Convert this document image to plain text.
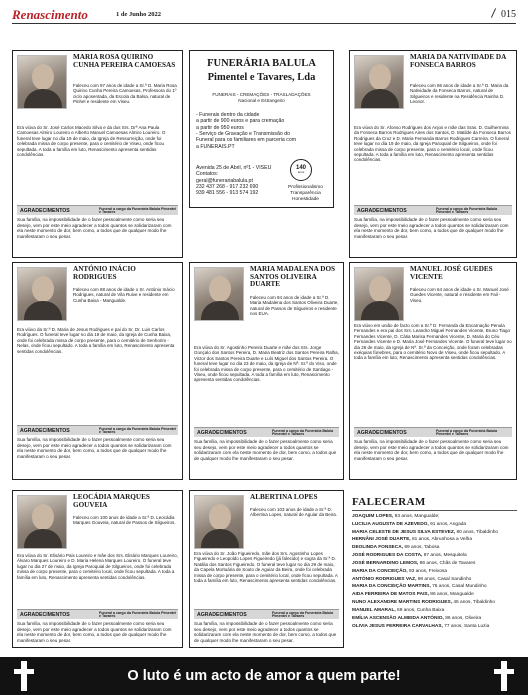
Renascimento	1 de Junho 2022	015
MARIA ROSA QUIRINO CUNHA PEREIRA CAMOESAS
Faleceu com 97 anos de idade a Sr.ª D. Maria Rosa Quirino Cunha Pereira Camoesas, Professora do 1º ciclo aposentada, da Escola da Balsa, natural de Pinhel e residente em Viseu.
Era viúva do Sr. José Carlos Macedo Silva e da dos Srs. Drª Ana Paula Camoesas Almiro Loureiro e Alberto Manuel Camoesas Almiro Loureiro. O funeral teve lugar no dia 19 de maio, da Igreja de Ressurreição, onde foi celebrada missa de corpo presente, para o cemitério de Viseu, onde ficou sepultada. A toda a família em luto, Renascimento apresenta sentidas condolências.
AGRADECIMENTOS	Funeral a cargo da Funerária Balula Pimentel e Tavares
Sua família, na impossibilidade de o fazer pessoalmente como seria seu desejo, vem por este meio agradecer a todos quantos se solidarizaram com ela neste momento de dor, bem como, a todos que de qualquer modo lhe manifestaram o seu pesar.
FUNERÁRIA BALULA
Pimentel e Tavares, Lda
FUNERAIS - CREMAÇÕES - TRASLADAÇÕES
Nacional e Estrangeiro
- Funerais dentro da cidade
a partir de 900 euros e para cremação
a partir de 950 euros
- Serviço de Gravação e Transmissão do
Funeral para os familiares em parceria com
a FUNERAIS.PT
Avenida 25 de Abril, nº1 - VISEU
Contatos:
geral@funerariabalula.pt
232 437 268 - 917 232 690
939 481 556 - 913 574 192
140
anos
Profissionalismo
Transparência
Honestidade
MARIA DA NATIVIDADE DA FONSECA BARROS
Faleceu com 86 anos de idade a Sr.ª D. Maria da Natividade da Fonseca Barros, natural de Silgueiros e residente na Residência Rainha D. Leonor.
Era viúva do Sr. Afonso Rodrigues dos Anjos e mãe das Sras. D. Guilhermina da Fonseca Barros Rodrigues Aires dos Santos, D. Matilde da Fonseca Barros Rodrigues da Cruz e D. Maria Fernanda Barros Rodrigues Carreira. O funeral teve lugar no dia 19 de maio, da Igreja Paroquial de Silgueiros, onde foi celebrada missa de corpo presente, para o cemitério local, onde ficou sepultada. A toda a família em luto, Renascimento apresenta sentidas condolências.
AGRADECIMENTOS	Funeral a cargo da Funerária Balula Pimentel e Tavares
Sua família, na impossibilidade de o fazer pessoalmente como seria seu desejo, vem por este meio agradecer a todos quantos se solidarizaram com ela neste momento de dor, bem como, a todos que de qualquer modo lhe manifestaram o seu pesar.
ANTÓNIO INÁCIO RODRIGUES
Faleceu com 88 anos de idade o Sr. António Inácio Rodrigues, natural de Vila Ruive e residente em Cunha Baixa - Mangualde.
Era viúvo da Sr.ª D. Maria de Jesus Rodrigues e pai do Sr. Dr. Luis Carlos Rodrigues. O funeral teve lugar no dia 19 de maio, da Igreja de Cunha Baixa, onde foi celebrada missa de corpo presente, para o cemitério de Senhorim - Nelas, onde ficou sepultado. A toda a família em luto, Renascimento apresenta sentidas condolências.
AGRADECIMENTOS	Funeral a cargo da Funerária Balula Pimentel e Tavares
Sua família, na impossibilidade de o fazer pessoalmente como seria seu desejo, vem por este meio agradecer a todos quantos se solidarizaram com ela neste momento de dor, bem como, a todos que de qualquer modo lhe manifestaram o seu pesar.
MARIA MADALENA DOS SANTOS OLIVEIRA DUARTE
Faleceu com 94 anos de idade a Sr.ª D. Maria Madalena dos Santos Oliveira Duarte, natural de Passos de Silgueiros e residente nos EUA.
Era viúva do Sr. Agostinho Pereira Duarte e mãe dos Srs. Jorge Gonçalo dos Santos Pereira, D. Maria Beatriz dos Santos Pereira Ralha, Victor dos Santos Pereira Duarte e Luís Miguel dos Santos Pereira. O funeral teve lugar no dia 23 de maio, da Igreja de Nª. Sr.ª do Viso, onde foi celebrada missa de corpo presente, para o cemitério de Santiago - Viseu, onde ficou sepultada. A toda a família em luto, Renascimento apresenta sentidas condolências.
AGRADECIMENTOS	Funeral a cargo da Funerária Balula Pimentel e Tavares
Sua família, na impossibilidade de o fazer pessoalmente como seria seu desejo, vem por este meio agradecer a todos quantos se solidarizaram com ela neste momento de dor, bem como, a todos que de qualquer modo lhe manifestaram o seu pesar.
MANUEL JOSÉ GUEDES VICENTE
Faleceu com 64 anos de idade o Sr. Manuel José Guedes Vicente, natural e residente em Fail - Viseu.
Era viúvo em união de facto com a Sr.ª D. Fernanda da Encarnação Penula Fernandes e era pai dos Srs. Leandro Miguel Fernandes Vicente, Bruno Tiago Fernandes Vicente, D. Cátia Marisa Fernandes Vicente, D. Maria do Céu Fernandes Vicente e D. Maria José Fernandes Vicente. O funeral teve lugar no dia 26 de maio, da Igreja de Nª. Sr.ª da Conceição, onde foram celebradas exéquias fúnebres, para o cemitério Novo de Viseu, onde ficou sepultado. A toda a família em luto, Renascimento apresenta sentidas condolências.
AGRADECIMENTOS	Funeral a cargo da Funerária Balula Pimentel e Tavares
Sua família, na impossibilidade de o fazer pessoalmente como seria seu desejo, vem por este meio agradecer a todos quantos se solidarizaram com ela neste momento de dor, bem como, a todos que de qualquer modo lhe manifestaram o seu pesar.
LEOCÁDIA MARQUES GOUVEIA
Faleceu com 100 anos de idade a Sr.ª D. Leocádia Marques Gouveia, natural de Passos de Silgueiros.
Era viúva do Sr. Elisário Pais Loureiro e mãe dos Srs. Elisário Marques Loureiro, Álvaro Marques Loureiro e D. Maria Helena Marques Loureiro. O funeral teve lugar no dia 27 de maio, da Igreja Paroquial de Silgueiros, onde foi celebrada missa de corpo presente, para o cemitério local, onde ficou sepultada. A toda a família em luto, Renascimento apresenta sentidas condolências.
AGRADECIMENTOS	Funeral a cargo da Funerária Balula Pimentel e Tavares
Sua família, na impossibilidade de o fazer pessoalmente como seria seu desejo, vem por este meio agradecer a todos quantos se solidarizaram com ela neste momento de dor, bem como, a todos que de qualquer modo lhe manifestaram o seu pesar.
ALBERTINA LOPES
Faleceu com 103 anos de idade a Sr.ª D. Albertina Lopes, natural de Aguiar da Beira.
Era viúva do Sr. João Figueiredo, mãe dos Srs. Agostinho Lopes Figueiredo e Leopoldo Lopes Figueiredo (já falecido) e sogra da Sr.ª D. Natália dos Santos Figueiredo. O funeral teve lugar no dia 29 de maio, da Capela Mortuária de Souto de Aguiar da Beira, onde foi celebrada missa de corpo presente, para o cemitério local, onde ficou sepultada. A toda a família em luto, Renascimento apresenta sentidas condolências.
AGRADECIMENTOS	Funeral a cargo da Funerária Balula Pimentel e Tavares
Sua família, na impossibilidade de o fazer pessoalmente como seria seu desejo, vem por este meio agradecer a todos quantos se solidarizaram com ela neste momento de dor, bem como, a todos que de qualquer modo lhe manifestaram o seu pesar.
FALECERAM
JOAQUIM LOPES, 93 anos, Mangualde;
LUCILIA AUGUSTA DE AZEVEDO, 91 anos, Angada
MARIA CELESTE DE JESUS SILVA ESTEVEZ, 80 anos, Tibaldinho
HERNÂNI JOSÉ DUARTE, 81 anos, Abrunhosa a Velha
DEOLINDA FONSECA, 89 anos, Tabosa
JOSÉ RODRIGUES DA COSTA, 87 anos, Mesquitela
JOSÉ BERNARDINO LEMOS, 86 anos, Chãs de Tavares
MARIA DA CONCEIÇÃO, 93 anos, Freixosa
ANTÓNIO RODRIGUES VAZ, 98 anos, Casal Sandinho
MARIA DA CONCEIÇÃO MARTINS, 76 anos, Casal Mundinho
AIDA FERREIRA DE MATOS PAIS, 86 anos, Mangualde
NUNO ALEXANDRE MARTINS RODRIGUES, 45 anos, Tibaldinho
MANUEL AMARAL, 69 anos, Cunha Baixa
EMÍLIA ASCENSÃO ALMEIDA ANTÓNIO, 86 anos, Oliveira
OLIVIA JESUS FERREIRA CARVALHAS, 77 anos, Santa Luzia
O luto é um acto de amor a quem parte!
